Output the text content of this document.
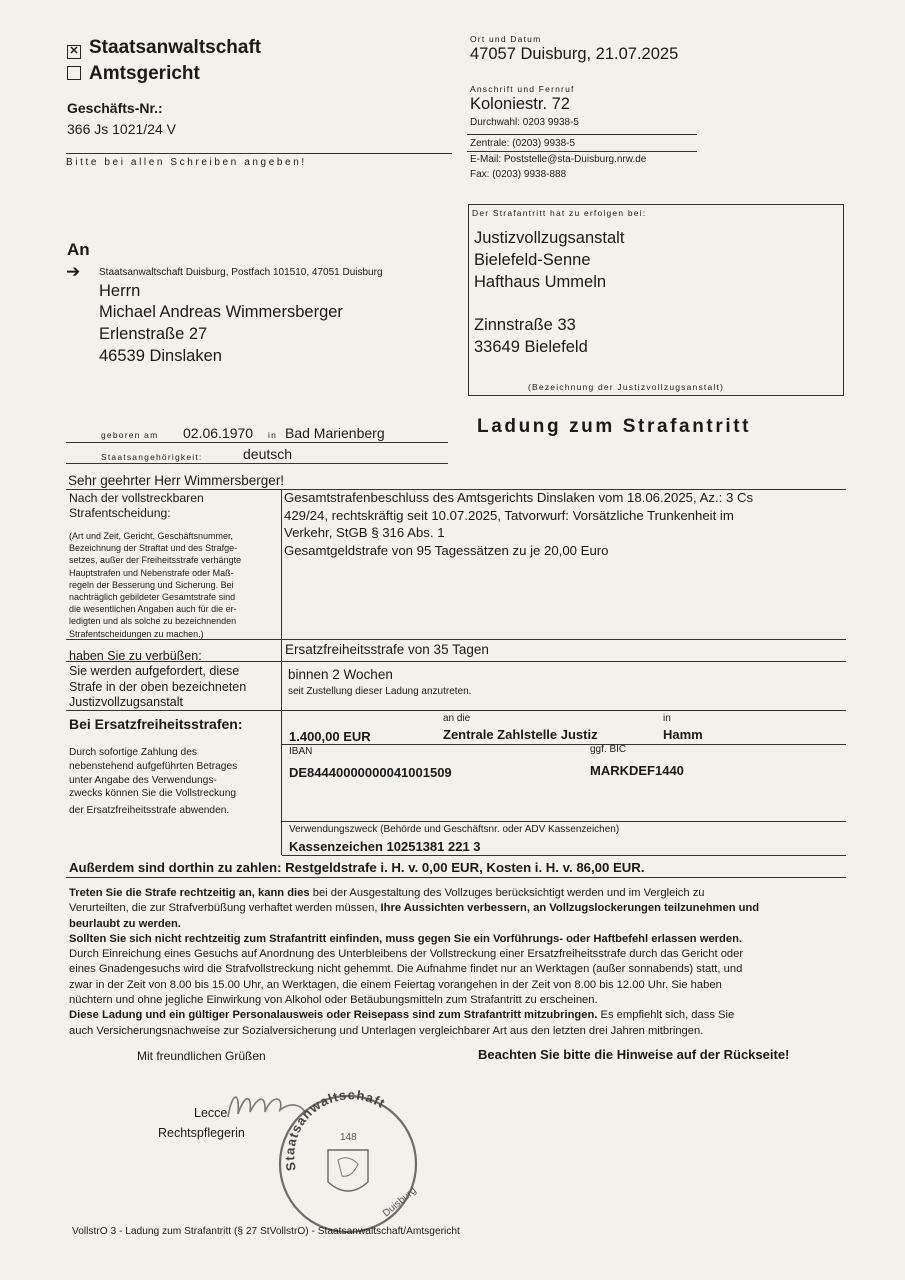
✕ Staatsanwaltschaft
Amtsgericht
Geschäfts-Nr.:
366 Js 1021/24 V
Bitte bei allen Schreiben angeben!
Ort und Datum
47057 Duisburg, 21.07.2025
Anschrift und Fernruf
Koloniestr. 72
Durchwahl: 0203 9938-5
Zentrale: (0203) 9938-5
E-Mail: Poststelle@sta-Duisburg.nrw.de
Fax: (0203) 9938-888
Der Strafantritt hat zu erfolgen bei:
Justizvollzugsanstalt
Bielefeld-Senne
Hafthaus Ummeln
Zinnstraße 33
33649 Bielefeld
(Bezeichnung der Justizvollzugsanstalt)
An
➔ Staatsanwaltschaft Duisburg, Postfach 101510, 47051 Duisburg
Herrn
Michael Andreas Wimmersberger
Erlenstraße 27
46539 Dinslaken
Ladung zum Strafantritt
geboren am 02.06.1970 in Bad Marienberg
Staatsangehörigkeit:	deutsch
Sehr geehrter Herr Wimmersberger!
Nach der vollstreckbaren
Strafentscheidung:
(Art und Zeit, Gericht, Geschäftsnummer,
Bezeichnung der Straftat und des Strafge-
setzes, außer der Freiheitsstrafe verhängte
Hauptstrafen und Nebenstrafe oder Maß-
regeln der Besserung und Sicherung. Bei
nachträglich gebildeter Gesamtstrafe sind
die wesentlichen Angaben auch für die er-
ledigten und als solche zu bezeichnenden
Strafentscheidungen zu machen.)
Gesamtstrafenbeschluss des Amtsgerichts Dinslaken vom 18.06.2025, Az.: 3 Cs
429/24, rechtskräftig seit 10.07.2025, Tatvorwurf: Vorsätzliche Trunkenheit im
Verkehr, StGB § 316 Abs. 1
Gesamtgeldstrafe von 95 Tagessätzen zu je 20,00 Euro
haben Sie zu verbüßen:	Ersatzfreiheitsstrafe von 35 Tagen
Sie werden aufgefordert, diese
Strafe in der oben bezeichneten
Justizvollzugsanstalt
binnen 2 Wochen
seit Zustellung dieser Ladung anzutreten.
Bei Ersatzfreiheitsstrafen:
Durch sofortige Zahlung des
nebenstehend aufgeführten Betrages
unter Angabe des Verwendungs-
zwecks können Sie die Vollstreckung
der Ersatzfreiheitsstrafe abwenden.
an die	in
1.400,00 EUR	Zentrale Zahlstelle Justiz	Hamm
IBAN	ggf. BIC
DE84440000000041001509	MARKDEF1440
Verwendungszweck (Behörde und Geschäftsnr. oder ADV Kassenzeichen)
Kassenzeichen 10251381 221 3
Außerdem sind dorthin zu zahlen: Restgeldstrafe i. H. v. 0,00 EUR, Kosten i. H. v. 86,00 EUR.
Treten Sie die Strafe rechtzeitig an, kann dies bei der Ausgestaltung des Vollzuges berücksichtigt werden und im Vergleich zu
Verurteilten, die zur Strafverbüßung verhaftet werden müssen, Ihre Aussichten verbessern, an Vollzugslockerungen teilzunehmen und
beurlaubt zu werden.
Sollten Sie sich nicht rechtzeitig zum Strafantritt einfinden, muss gegen Sie ein Vorführungs- oder Haftbefehl erlassen werden.
Durch Einreichung eines Gesuchs auf Anordnung des Unterbleibens der Vollstreckung einer Ersatzfreiheitsstrafe durch das Gericht oder
eines Gnadengesuchs wird die Strafvollstreckung nicht gehemmt. Die Aufnahme findet nur an Werktagen (außer sonnabends) statt, und
zwar in der Zeit von 8.00 bis 15.00 Uhr, an Werktagen, die einem Feiertag vorangehen in der Zeit von 8.00 bis 12.00 Uhr. Sie haben
nüchtern und ohne jegliche Einwirkung von Alkohol oder Betäubungsmitteln zum Strafantritt zu erscheinen.
Diese Ladung und ein gültiger Personalausweis oder Reisepass sind zum Strafantritt mitzubringen. Es empfiehlt sich, dass Sie
auch Versicherungsnachweise zur Sozialversicherung und Unterlagen vergleichbarer Art aus den letzten drei Jahren mitbringen.
Mit freundlichen Grüßen	Beachten Sie bitte die Hinweise auf der Rückseite!
Lecce
Rechtspflegerin
Staatsanwaltschaft
148
Duisburg
VollstrO 3 - Ladung zum Strafantritt (§ 27 StVollstrO) - Staatsanwaltschaft/Amtsgericht
